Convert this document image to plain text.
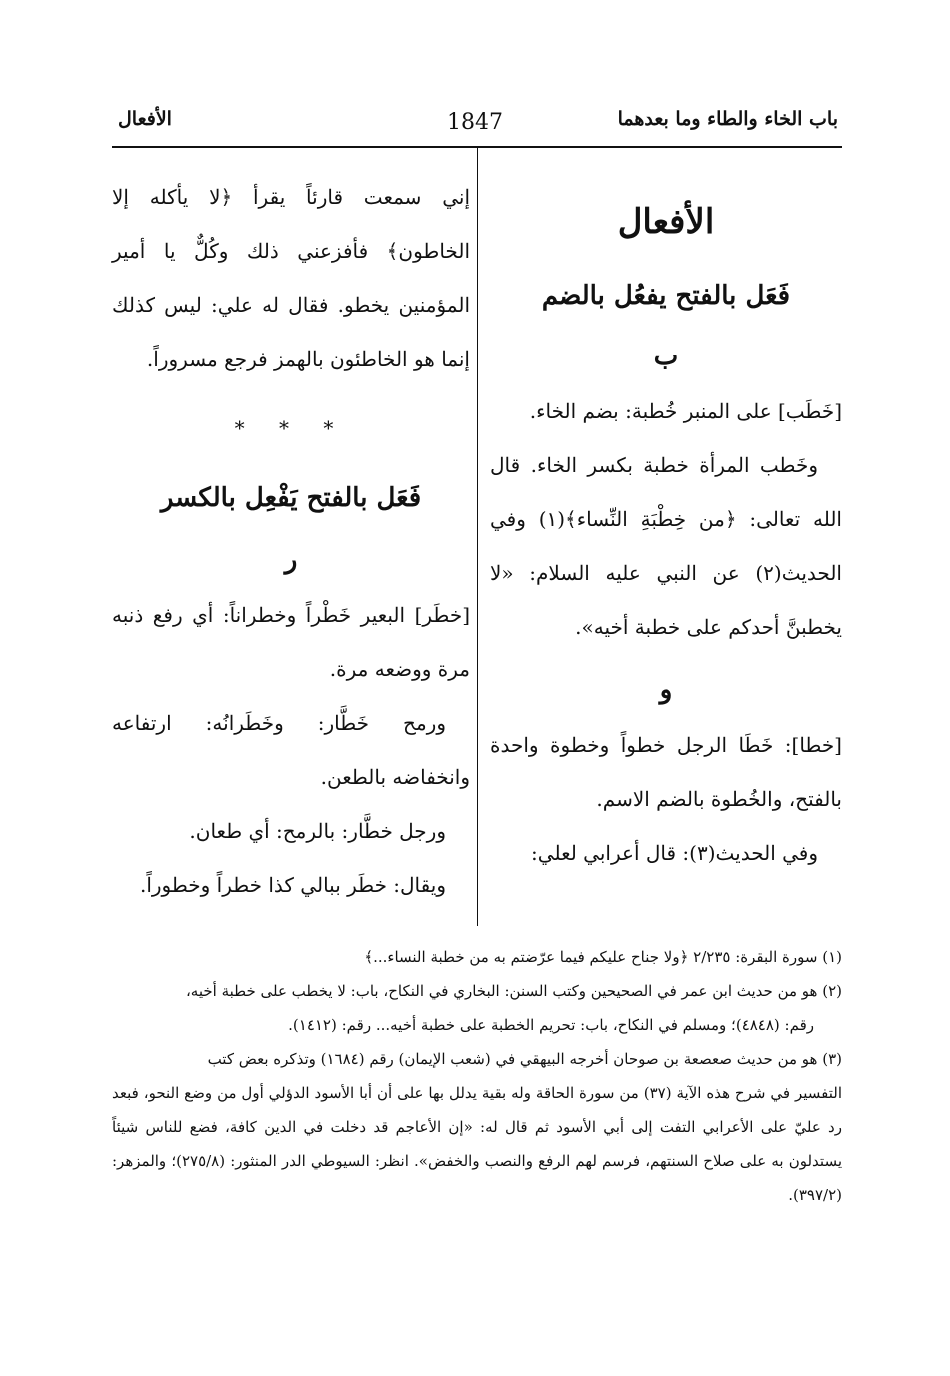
باب الخاء والطاء وما بعدهما
1847
الأفعال

الأفعال

فَعَل بالفتح يفعُل بالضم

ب

[خَطَب] على المنبر خُطبة: بضم الخاء.

وخَطب المرأة خطبة بكسر الخاء. قال الله تعالى: ﴿من خِطْبَةِ النِّساء﴾(١) وفي الحديث(٢) عن النبي عليه السلام: «لا يخطبنَّ أحدكم على خطبة أخيه».

و

[خطا]: خَطَا الرجل خطواً وخطوة واحدة بالفتح، والخُطوة بالضم الاسم.

وفي الحديث(٣): قال أعرابي لعلي:

إني سمعت قارئاً يقرأ ﴿لا يأكله إلا الخاطون﴾ فأفزعني ذلك وكُلٌّ يا أمير المؤمنين يخطو. فقال له علي: ليس كذلك إنما هو الخاطئون بالهمز فرجع مسروراً.

* * *

فَعَل بالفتح يَفْعِل بالكسر

ر

[خطَر] البعير خَطْراً وخطراناً: أي رفع ذنبه مرة ووضعه مرة.

ورمح خَطَّار: وخَطَرانُه: ارتفاعه وانخفاضه بالطعن.

ورجل خطَّار: بالرمح: أي طعان.

ويقال: خطَر ببالي كذا خطراً وخطوراً.

(١) سورة البقرة: ٢/٢٣٥ ﴿ولا جناح عليكم فيما عرّضتم به من خطبة النساء...﴾

(٢) هو من حديث ابن عمر في الصحيحين وكتب السنن: البخاري في النكاح، باب: لا يخطب على خطبة أخيه،

رقم: (٤٨٤٨)؛ ومسلم في النكاح، باب: تحريم الخطبة على خطبة أخيه... رقم: (١٤١٢).

(٣) هو من حديث صعصعة بن صوحان أخرجه البيهقي في (شعب الإيمان) رقم (١٦٨٤) وتذكره بعض كتب

التفسير في شرح هذه الآية (٣٧) من سورة الحاقة وله بقية يدلل بها على أن أبا الأسود الدؤلي أول من وضع النحو، فبعد رد عليّ على الأعرابي التفت إلى أبي الأسود ثم قال له: «إن الأعاجم قد دخلت في الدين كافة، فضع للناس شيئاً يستدلون به على صلاح السنتهم، فرسم لهم الرفع والنصب والخفض». انظر: السيوطي الدر المنثور: (٢٧٥/٨)؛ والمزهر: (٣٩٧/٢).
